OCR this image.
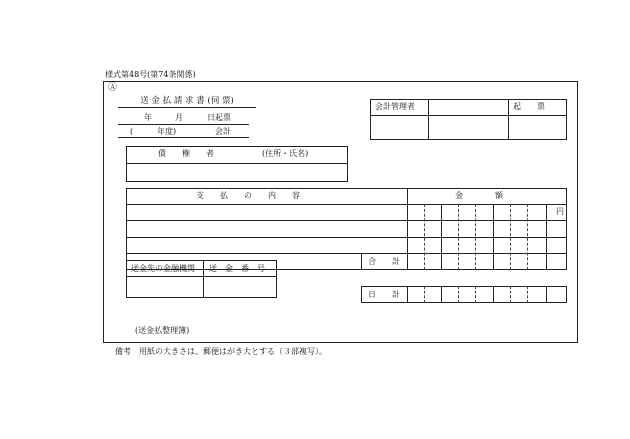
様式第48号(第74条関係)
Ⓐ
送 金 払 請 求 書 (伺 票)
年	月	日起票
(	年度)	会計
会計管理者	起　　票
債　　権　　者	(住所・氏名)
支　　払　　の　　内　　容	金　　　　額
円
合　　計
送金先の金融機関 送　金　番　号
日　　計
(送金払整理簿)
備考　用紙の大きさは、郵便はがき大とする（３部複写）。
